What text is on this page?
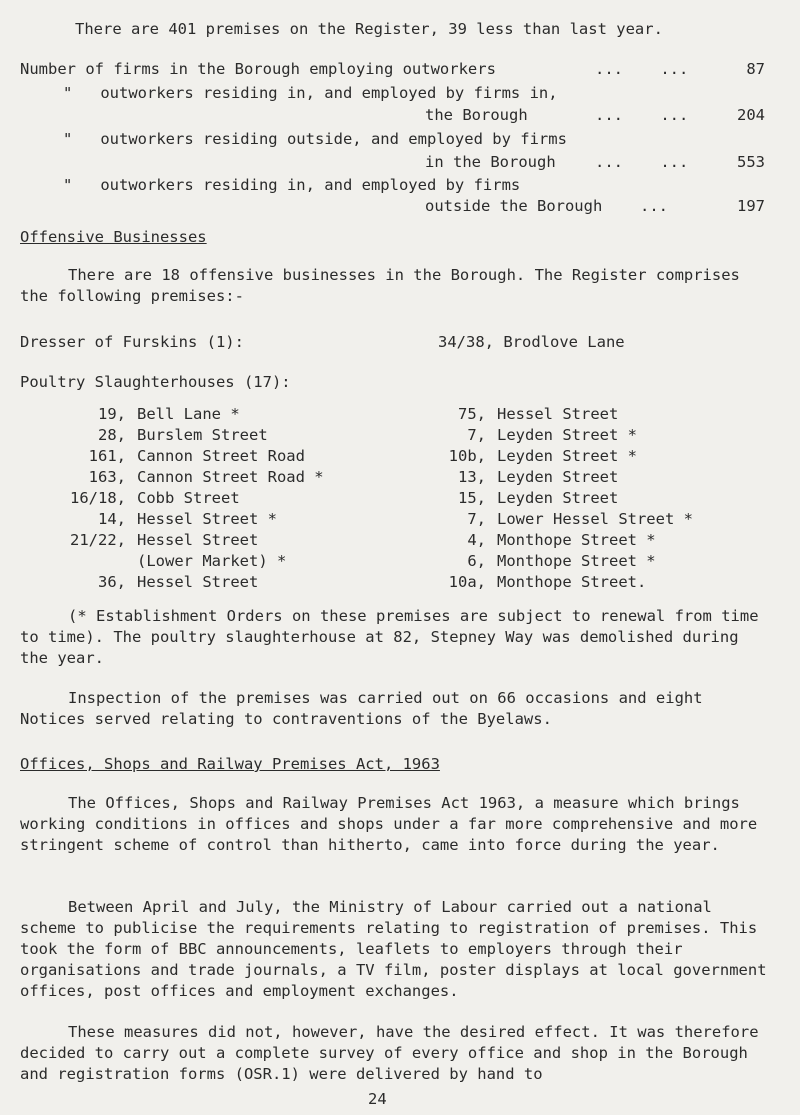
There are 401 premises on the Register, 39 less than last year.
Number of firms in the Borough employing outworkers	...    ...	87
"   outworkers residing in, and employed by firms in,
the Borough	...    ...	204
"   outworkers residing outside, and employed by firms
in the Borough	...    ...	553
"   outworkers residing in, and employed by firms
outside the Borough ...	197
Offensive Businesses
There are 18 offensive businesses in the Borough. The Register comprises the following premises:-
Dresser of Furskins (1):	34/38, Brodlove Lane
Poultry Slaughterhouses (17):
19, Bell Lane *
28, Burslem Street
161, Cannon Street Road
163, Cannon Street Road *
16/18, Cobb Street
14, Hessel Street *
21/22, Hessel Street
(Lower Market) *
36, Hessel Street
75, Hessel Street
7, Leyden Street *
10b, Leyden Street *
13, Leyden Street
15, Leyden Street
7, Lower Hessel Street *
4, Monthope Street *
6, Monthope Street *
10a, Monthope Street.
(* Establishment Orders on these premises are subject to renewal from time to time). The poultry slaughterhouse at 82, Stepney Way was demolished during the year.
Inspection of the premises was carried out on 66 occasions and eight Notices served relating to contraventions of the Byelaws.
Offices, Shops and Railway Premises Act, 1963
The Offices, Shops and Railway Premises Act 1963, a measure which brings working conditions in offices and shops under a far more comprehensive and more stringent scheme of control than hitherto, came into force during the year.
Between April and July, the Ministry of Labour carried out a national scheme to publicise the requirements relating to registration of premises. This took the form of BBC announcements, leaflets to employers through their organisations and trade journals, a TV film, poster displays at local government offices, post offices and employment exchanges.
These measures did not, however, have the desired effect. It was therefore decided to carry out a complete survey of every office and shop in the Borough and registration forms (OSR.1) were delivered by hand to
24
